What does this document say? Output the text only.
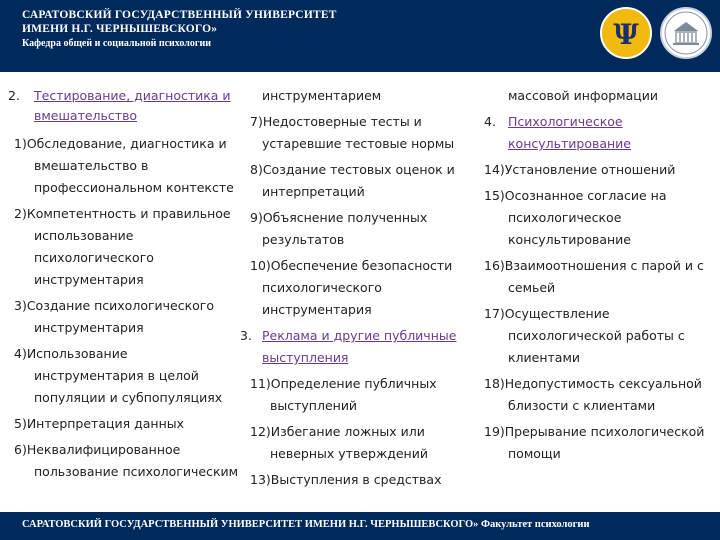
САРАТОВСКИЙ ГОСУДАРСТВЕННЫЙ УНИВЕРСИТЕТ
ИМЕНИ Н.Г. ЧЕРНЫШЕВСКОГО»
Кафедра общей и социальной психологии	Ψ
2. Тестирование, диагностика и
вмешательство
1)Обследование, диагностика и
вмешательство в
профессиональном контексте
2)Компетентность и правильное
использование
психологического
инструментария
3)Создание психологического
инструментария
4)Использование
инструментария в целой
популяции и субпопуляциях
5)Интерпретация данных
6)Неквалифицированное
пользование психологическим
инструментарием
7)Недостоверные тесты и
устаревшие тестовые нормы
8)Создание тестовых оценок и
интерпретаций
9)Объяснение полученных
результатов
10)Обеспечение безопасности
психологического
инструментария
3. Реклама и другие публичные
выступления
11)Определение публичных
выступлений
12)Избегание ложных или
неверных утверждений
13)Выступления в средствах
массовой информации
4. Психологическое
консультирование
14)Установление отношений
15)Осознанное согласие на
психологическое
консультирование
16)Взаимоотношения с парой и с
семьей
17)Осуществление
психологической работы с
клиентами
18)Недопустимость сексуальной
близости с клиентами
19)Прерывание психологической
помощи
САРАТОВСКИЙ ГОСУДАРСТВЕННЫЙ УНИВЕРСИТЕТ ИМЕНИ Н.Г. ЧЕРНЫШЕВСКОГО» Факультет психологии
